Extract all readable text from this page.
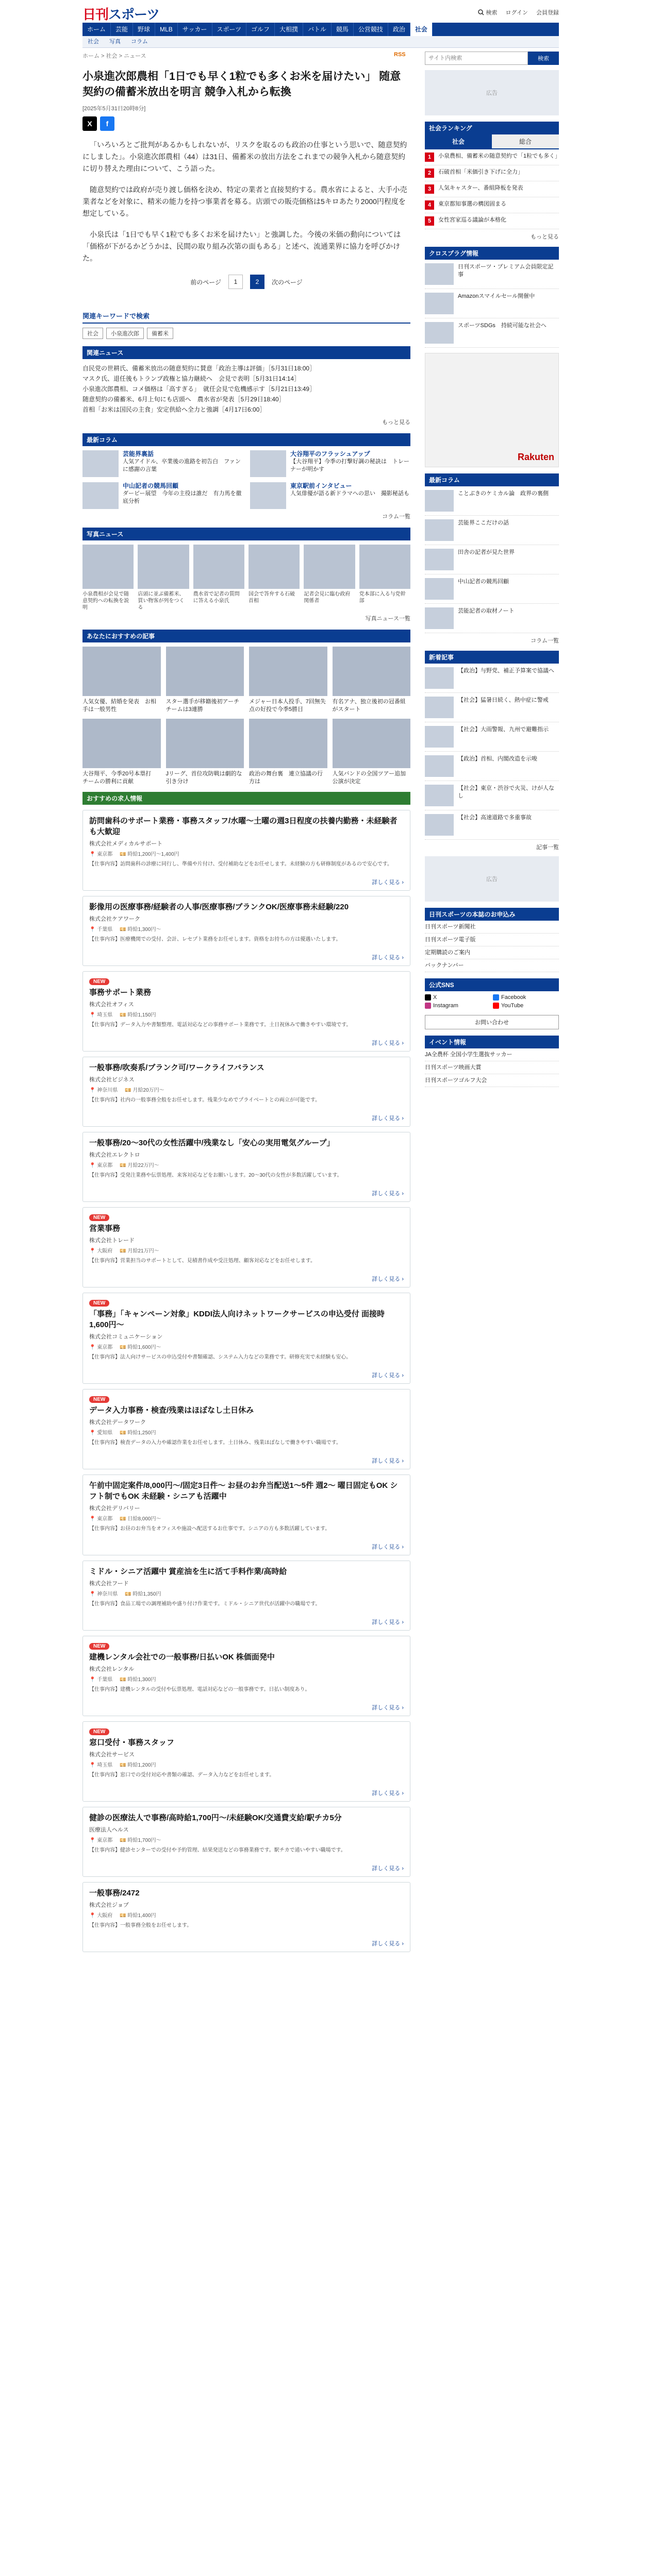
日刊スポーツ	検索 ログイン 会員登録
ホーム	芸能	野球	MLB	サッカー	スポーツ	ゴルフ	大相撲	バトル	競馬	公営競技	政治	社会
社会	写真	コラム
ホーム > 社会 > ニュース	RSS
小泉進次郎農相「1日でも早く1粒でも多くお米を届けたい」 随意契約の備蓄米放出を明言 競争入札から転換
[2025年5月31日20時8分]
X	f

「いろいろとご批判があるかもしれないが、リスクを取るのも政治の仕事という思いで、随意契約にしました」。小泉進次郎農相（44）は31日、備蓄米の放出方法をこれまでの競争入札から随意契約に切り替えた理由について、こう語った。

随意契約では政府が売り渡し価格を決め、特定の業者と直接契約する。農水省によると、大手小売業者などを対象に、精米の能力を持つ事業者を募る。店頭での販売価格は5キロあたり2000円程度を想定している。

小泉氏は「1日でも早く1粒でも多くお米を届けたい」と強調した。今後の米価の動向については「価格が下がるかどうかは、民間の取り組み次第の面もある」と述べ、流通業界に協力を呼びかけた。

前のページ	1	2	次のページ
関連キーワードで検索
社会	小泉進次郎	備蓄米
関連ニュース
自民党の世耕氏、備蓄米放出の随意契約に賛意「政治主導は評価」［5月31日18:00］
マスク氏、退任後もトランプ政権と協力継続へ　会見で表明［5月31日14:14］
小泉進次郎農相、コメ価格は「高すぎる」　就任会見で危機感示す［5月21日13:49］
随意契約の備蓄米、6月上旬にも店頭へ　農水省が発表［5月29日18:40］
首相「お米は国民の主食」安定供給へ全力と強調［4月17日6:00］
もっと見る
最新コラム
芸能界裏話
人気アイドル、卒業後の進路を初告白　ファンに感謝の言葉
大谷翔平のフラッシュアップ
【大谷翔平】今季の打撃好調の秘訣は　トレーナーが明かす
中山記者の競馬回顧
ダービー展望　今年の主役は誰だ　有力馬を徹底分析
東京駅前インタビュー
人気俳優が語る新ドラマへの思い　撮影秘話も
コラム一覧
写真ニュース
小泉農相が会見で随意契約への転換を説明
店頭に並ぶ備蓄米、買い物客が列をつくる
農水省で記者の質問に答える小泉氏
国会で答弁する石破首相
記者会見に臨む政府関係者
党本部に入る与党幹部
写真ニュース一覧
あなたにおすすめの記事
人気女優、結婚を発表　お相手は一般男性
スター選手が移籍後初アーチ　チームは3連勝
メジャー日本人投手、7回無失点の好投で今季5勝目
有名アナ、独立後初の冠番組がスタート
大谷翔平、今季20号本塁打　チームの勝利に貢献
Jリーグ、首位攻防戦は劇的な引き分け
政治の舞台裏　連立協議の行方は
人気バンドの全国ツアー追加公演が決定
おすすめの求人情報
訪問歯科のサポート業務・事務スタッフ/水曜〜土曜の週3日程度の扶養内勤務・未経験者も大歓迎
株式会社メディカルサポート
📍 東京都 💴 時給1,200円〜1,400円
【仕事内容】訪問歯科の診療に同行し、準備や片付け、受付補助などをお任せします。未経験の方も研修制度があるので安心です。
詳しく見る ›
影像用の医療事務/経験者の人事/医療事務/ブランクOK/医療事務未経験/220
株式会社ケアワーク
📍 千葉県 💴 時給1,300円〜
【仕事内容】医療機関での受付、会計、レセプト業務をお任せします。資格をお持ちの方は優遇いたします。
詳しく見る ›
NEW
事務サポート業務
株式会社オフィス
📍 埼玉県 💴 時給1,150円
【仕事内容】データ入力や書類整理、電話対応などの事務サポート業務です。土日祝休みで働きやすい環境です。
詳しく見る ›
一般事務/吹奏系/ブランク可/ワークライフバランス
株式会社ビジネス
📍 神奈川県 💴 月給20万円〜
【仕事内容】社内の一般事務全般をお任せします。残業少なめでプライベートとの両立が可能です。
詳しく見る ›
一般事務/20〜30代の女性活躍中/残業なし「安心の実用電気グループ」
株式会社エレクトロ
📍 東京都 💴 月給22万円〜
【仕事内容】受発注業務や伝票処理、来客対応などをお願いします。20〜30代の女性が多数活躍しています。
詳しく見る ›
NEW
営業事務
株式会社トレード
📍 大阪府 💴 月給21万円〜
【仕事内容】営業担当のサポートとして、見積書作成や受注処理、顧客対応などをお任せします。
詳しく見る ›
NEW
「事務」「キャンペーン対象」KDDI法人向けネットワークサービスの申込受付 面接時1,600円〜
株式会社コミュニケーション
📍 東京都 💴 時給1,600円〜
【仕事内容】法人向けサービスの申込受付や書類確認、システム入力などの業務です。研修充実で未経験も安心。
詳しく見る ›
NEW
データ入力事務・検査/残業はほぼなし土日休み
株式会社データワーク
📍 愛知県 💴 時給1,250円
【仕事内容】検査データの入力や確認作業をお任せします。土日休み、残業ほぼなしで働きやすい職場です。
詳しく見る ›
午前中固定案件/8,000円〜/固定3日件〜 お昼のお弁当配送1〜5件 週2〜 曜日固定もOK シフト制でもOK 未経験・シニアも活躍中
株式会社デリバリー
📍 東京都 💴 日給8,000円〜
【仕事内容】お昼のお弁当をオフィスや施設へ配送するお仕事です。シニアの方も多数活躍しています。
詳しく見る ›
ミドル・シニア活躍中 賞産油を生に活て手料作業/高時給
株式会社フード
📍 神奈川県 💴 時給1,350円
【仕事内容】食品工場での調理補助や盛り付け作業です。ミドル・シニア世代が活躍中の職場です。
詳しく見る ›
NEW
建機レンタル会社での一般事務/日払いOK 株価面発中
株式会社レンタル
📍 千葉県 💴 時給1,300円
【仕事内容】建機レンタルの受付や伝票処理、電話対応などの一般事務です。日払い制度あり。
詳しく見る ›
NEW
窓口受付・事務スタッフ
株式会社サービス
📍 埼玉県 💴 時給1,200円
【仕事内容】窓口での受付対応や書類の確認、データ入力などをお任せします。
詳しく見る ›
健診の医療法人で事務/高時給1,700円〜/未経験OK/交通費支給/駅チカ5分
医療法人ヘルス
📍 東京都 💴 時給1,700円〜
【仕事内容】健診センターでの受付や予約管理、結果発送などの事務業務です。駅チカで通いやすい職場です。
詳しく見る ›
一般事務/2472
株式会社ジョブ
📍 大阪府 💴 時給1,400円
【仕事内容】一般事務全般をお任せします。
詳しく見る ›
サイト内検索
検索
広告
社会ランキング
社会	総合
1	小泉農相、備蓄米の随意契約で「1粒でも多く」
2	石破首相「米価引き下げに全力」
3	人気キャスター、番組降板を発表
4	東京都知事選の構図固まる
5	女性宮家巡る議論が本格化
もっと見る
クロスプラグ情報
日刊スポーツ・プレミアム会員限定記事
Amazonスマイルセール開催中
スポーツSDGs　持続可能な社会へ
Rakuten
最新コラム
ことぶきのケミカル論　政界の裏側
芸能界ここだけの話
田舎の記者が見た世界
中山記者の競馬回顧
芸能記者の取材ノート
コラム一覧
新着記事
【政治】与野党、補正予算案で協議へ
【社会】猛暑日続く、熱中症に警戒
【社会】大雨警報、九州で避難指示
【政治】首相、内閣改造を示唆
【社会】東京・渋谷で火災、けが人なし
【社会】高速道路で多重事故
記事一覧
広告
日刊スポーツの本誌のお申込み
日刊スポーツ新聞社
日刊スポーツ電子版
定期購読のご案内
バックナンバー
公式SNS
X	Facebook
Instagram	YouTube
お問い合わせ
イベント情報
JA全農杯 全国小学生選抜サッカー
日刊スポーツ映画大賞
日刊スポーツゴルフ大会
